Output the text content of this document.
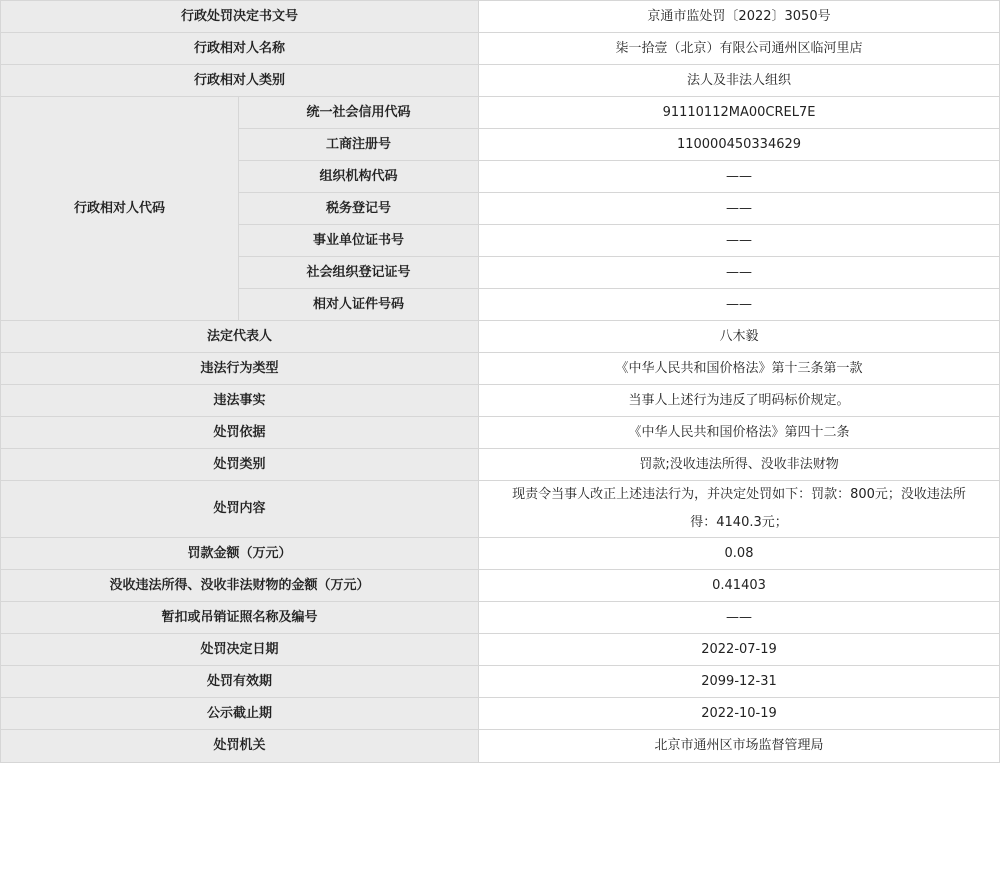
行政处罚决定书文号		京通市监处罚〔2022〕3050号
行政相对人名称		柒一拾壹（北京）有限公司通州区临河里店
行政相对人类别		法人及非法人组织
行政相对人代码	统一社会信用代码	91110112MA00CREL7E
	工商注册号	110000450334629
	组织机构代码	——
	税务登记号	——
	事业单位证书号	——
	社会组织登记证号	——
	相对人证件号码	——
法定代表人		八木毅
违法行为类型		《中华人民共和国价格法》第十三条第一款
违法事实		当事人上述行为违反了明码标价规定。
处罚依据		《中华人民共和国价格法》第四十二条
处罚类别		罚款;没收违法所得、没收非法财物
处罚内容		现责令当事人改正上述违法行为，并决定处罚如下：罚款：800元；没收违法所
得：4140.3元；

罚款金额（万元）		0.08
没收违法所得、没收非法财物的金额（万元）		0.41403
暂扣或吊销证照名称及编号		——
处罚决定日期		2022-07-19
处罚有效期		2099-12-31
公示截止期		2022-10-19
处罚机关		北京市通州区市场监督管理局
